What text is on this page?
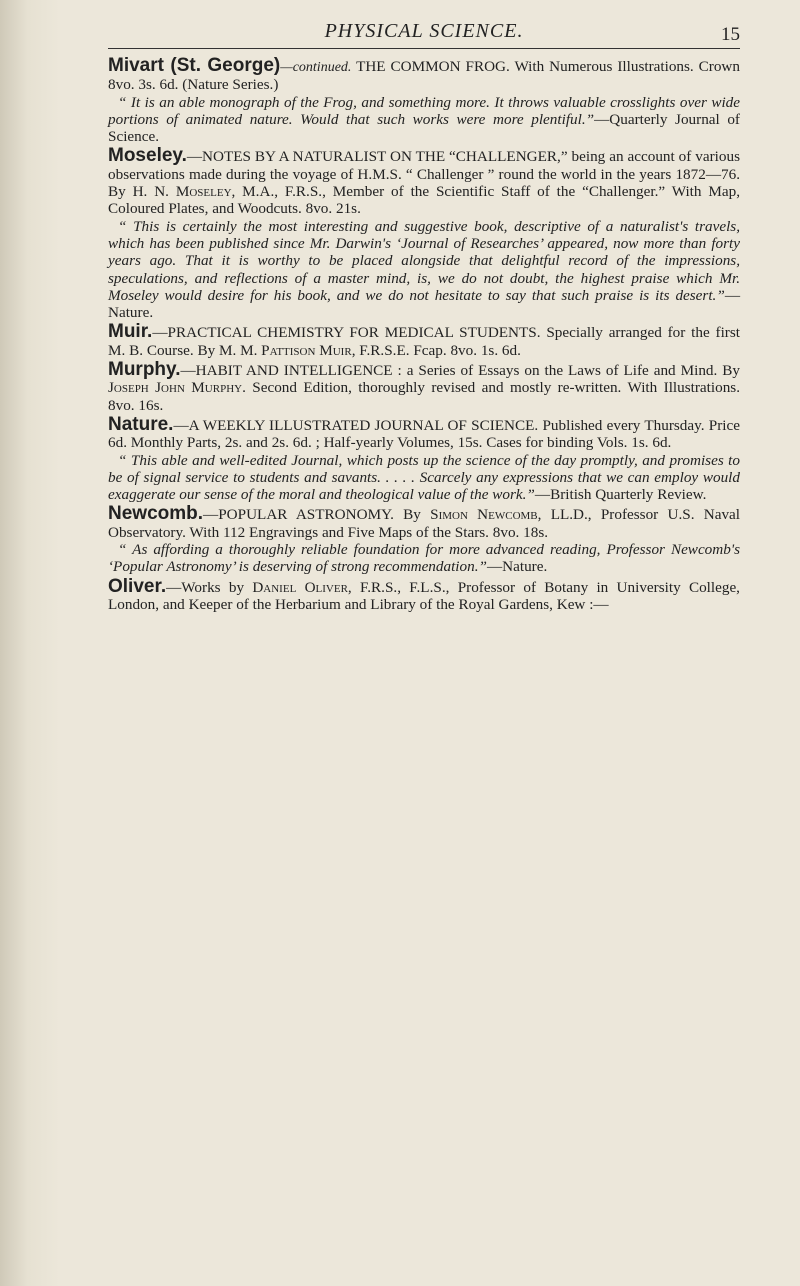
PHYSICAL SCIENCE.	15

Mivart (St. George)—continued. THE COMMON FROG. With Numerous Illustrations. Crown 8vo. 3s. 6d. (Nature Series.)
“ It is an able monograph of the Frog, and something more. It throws valuable crosslights over wide portions of animated nature. Would that such works were more plentiful.”—Quarterly Journal of Science.

Moseley.—NOTES BY A NATURALIST ON THE “CHALLENGER,” being an account of various observations made during the voyage of H.M.S. “ Challenger ” round the world in the years 1872—76. By H. N. Moseley, M.A., F.R.S., Member of the Scientific Staff of the “Challenger.” With Map, Coloured Plates, and Woodcuts. 8vo. 21s.
“ This is certainly the most interesting and suggestive book, descriptive of a naturalist's travels, which has been published since Mr. Darwin's ‘Journal of Researches’ appeared, now more than forty years ago. That it is worthy to be placed alongside that delightful record of the impressions, speculations, and reflections of a master mind, is, we do not doubt, the highest praise which Mr. Moseley would desire for his book, and we do not hesitate to say that such praise is its desert.”—Nature.

Muir.—PRACTICAL CHEMISTRY FOR MEDICAL STUDENTS. Specially arranged for the first M. B. Course. By M. M. Pattison Muir, F.R.S.E. Fcap. 8vo. 1s. 6d.

Murphy.—HABIT AND INTELLIGENCE : a Series of Essays on the Laws of Life and Mind. By Joseph John Murphy. Second Edition, thoroughly revised and mostly re-written. With Illustrations. 8vo. 16s.

Nature.—A WEEKLY ILLUSTRATED JOURNAL OF SCIENCE. Published every Thursday. Price 6d. Monthly Parts, 2s. and 2s. 6d. ; Half-yearly Volumes, 15s. Cases for binding Vols. 1s. 6d.
“ This able and well-edited Journal, which posts up the science of the day promptly, and promises to be of signal service to students and savants. . . . . Scarcely any expressions that we can employ would exaggerate our sense of the moral and theological value of the work.”—British Quarterly Review.

Newcomb.—POPULAR ASTRONOMY. By Simon Newcomb, LL.D., Professor U.S. Naval Observatory. With 112 Engravings and Five Maps of the Stars. 8vo. 18s.
“ As affording a thoroughly reliable foundation for more advanced reading, Professor Newcomb's ‘Popular Astronomy’ is deserving of strong recommendation.”—Nature.

Oliver.—Works by Daniel Oliver, F.R.S., F.L.S., Professor of Botany in University College, London, and Keeper of the Herbarium and Library of the Royal Gardens, Kew :—
